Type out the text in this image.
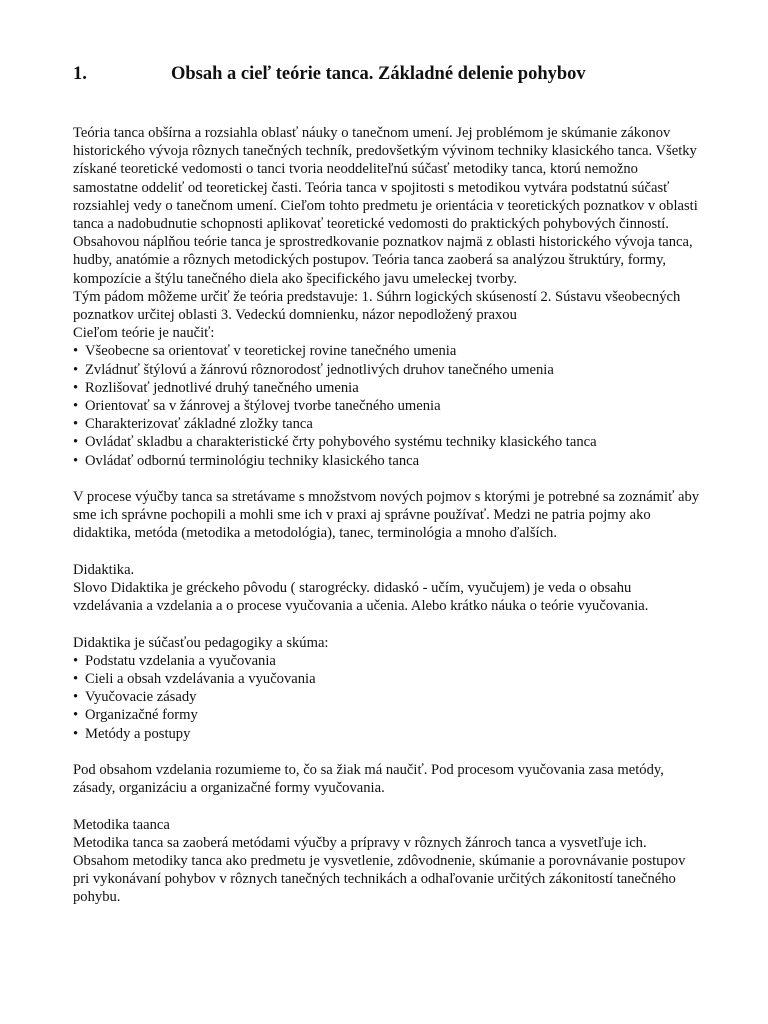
1.	Obsah a cieľ teórie tanca. Základné delenie pohybov

Teória tanca obšírna a rozsiahla oblasť náuky o tanečnom umení. Jej problémom je skúmanie zákonov historického vývoja rôznych tanečných techník, predovšetkým vývinom techniky klasického tanca. Všetky získané teoretické vedomosti o tanci tvoria neoddeliteľnú súčasť metodiky tanca, ktorú nemožno samostatne oddeliť od teoretickej časti. Teória tanca v spojitosti s metodikou vytvára podstatnú súčasť rozsiahlej vedy o tanečnom umení. Cieľom tohto predmetu je orientácia v teoretických poznatkov v oblasti tanca a nadobudnutie schopnosti aplikovať teoretické vedomosti do praktických pohybových činností. Obsahovou náplňou teórie tanca je sprostredkovanie poznatkov najmä z oblasti historického vývoja tanca, hudby, anatómie a rôznych metodických postupov. Teória tanca zaoberá sa analýzou štruktúry, formy, kompozície a štýlu tanečného diela ako špecifického javu umeleckej tvorby.

Tým pádom môžeme určiť že teória predstavuje: 1. Súhrn logických skúseností 2. Sústavu všeobecných poznatkov určitej oblasti 3. Vedeckú domnienku, názor nepodložený praxou

Cieľom teórie je naučiť:

• Všeobecne sa orientovať v teoretickej rovine tanečného umenia
• Zvládnuť štýlovú a žánrovú rôznorodosť jednotlivých druhov tanečného umenia
• Rozlišovať jednotlivé druhý tanečného umenia
• Orientovať sa v žánrovej a štýlovej tvorbe tanečného umenia
• Charakterizovať základné zložky tanca
• Ovládať skladbu a charakteristické črty pohybového systému techniky klasického tanca
• Ovládať odbornú terminológiu techniky klasického tanca

V procese výučby tanca sa stretávame s množstvom nových pojmov s ktorými je potrebné sa zoznámiť aby sme ich správne pochopili a mohli sme ich v praxi aj správne používať. Medzi ne patria pojmy ako didaktika, metóda (metodika a metodológia), tanec, terminológia a mnoho ďalších.

Didaktika.

Slovo Didaktika je gréckeho pôvodu ( starogrécky. didaskó - učím, vyučujem) je veda o obsahu vzdelávania a vzdelania a o procese vyučovania a učenia. Alebo krátko náuka o teórie vyučovania.

Didaktika je súčasťou pedagogiky a skúma:

• Podstatu vzdelania a vyučovania
• Cieli a obsah vzdelávania a vyučovania
• Vyučovacie zásady
• Organizačné formy
• Metódy a postupy

Pod obsahom vzdelania rozumieme to, čo sa žiak má naučiť. Pod procesom vyučovania zasa metódy, zásady, organizáciu a organizačné formy vyučovania.

Metodika taanca

Metodika tanca sa zaoberá metódami výučby a prípravy v rôznych žánroch tanca a vysvetľuje ich. Obsahom metodiky tanca ako predmetu je vysvetlenie, zdôvodnenie, skúmanie a porovnávanie postupov pri vykonávaní pohybov v rôznych tanečných technikách a odhaľovanie určitých zákonitostí tanečného pohybu.
